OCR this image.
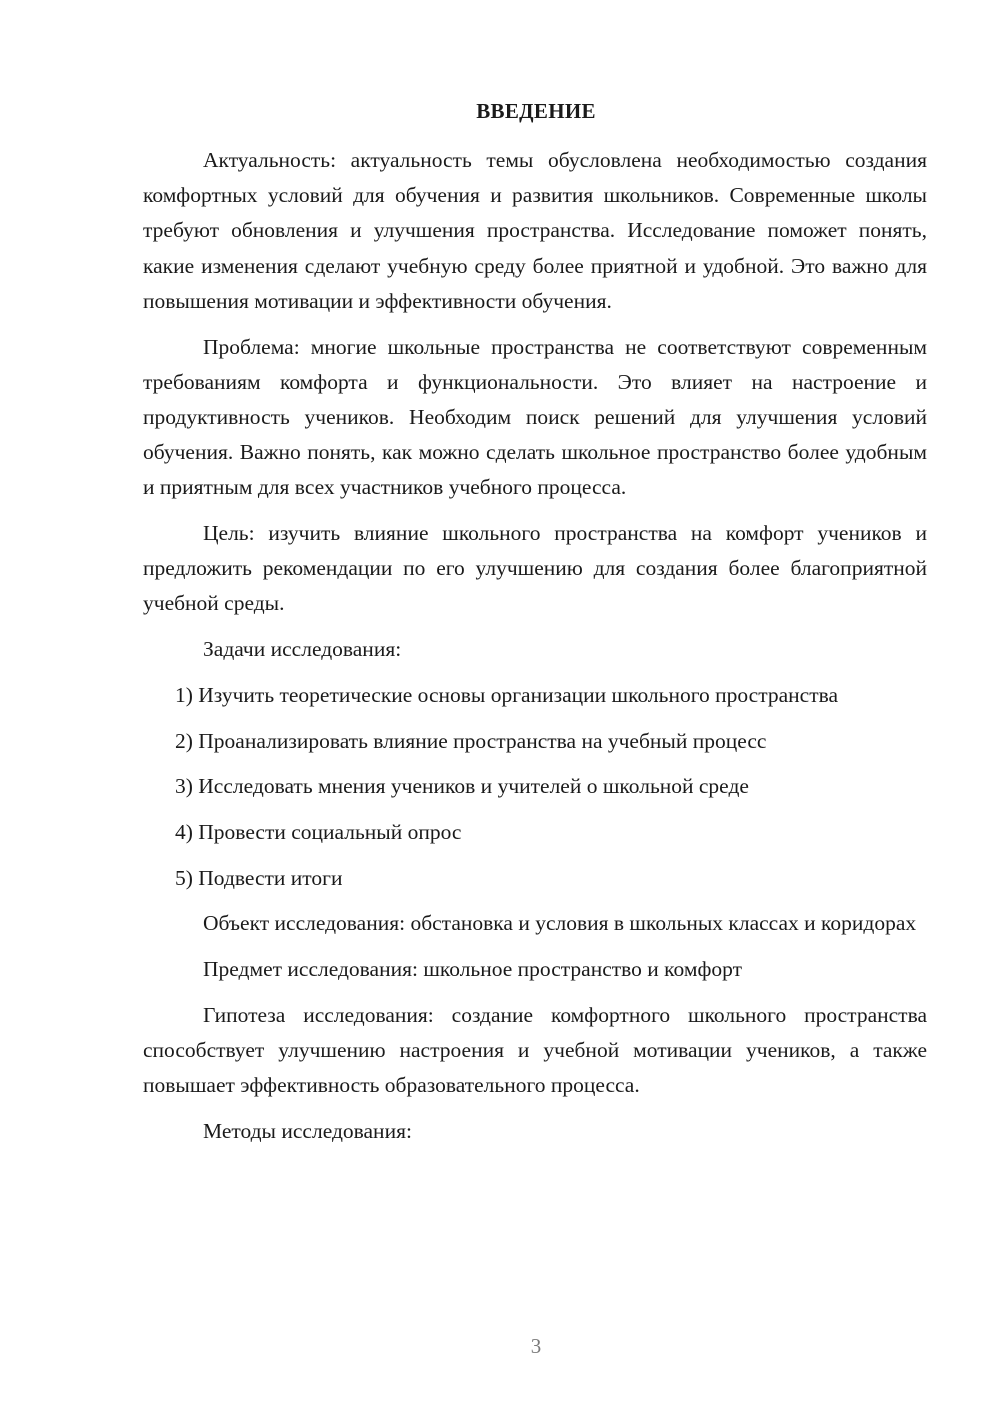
ВВЕДЕНИЕ

Актуальность: актуальность темы обусловлена необходимостью создания комфортных условий для обучения и развития школьников. Современные школы требуют обновления и улучшения пространства. Исследование поможет понять, какие изменения сделают учебную среду более приятной и удобной. Это важно для повышения мотивации и эффективности обучения.

Проблема: многие школьные пространства не соответствуют современным требованиям комфорта и функциональности. Это влияет на настроение и продуктивность учеников. Необходим поиск решений для улучшения условий обучения. Важно понять, как можно сделать школьное пространство более удобным и приятным для всех участников учебного процесса.

Цель: изучить влияние школьного пространства на комфорт учеников и предложить рекомендации по его улучшению для создания более благоприятной учебной среды.

Задачи исследования:

1) Изучить теоретические основы организации школьного пространства

2) Проанализировать влияние пространства на учебный процесс

3) Исследовать мнения учеников и учителей о школьной среде

4) Провести социальный опрос

5) Подвести итоги

Объект исследования: обстановка и условия в школьных классах и коридорах

Предмет исследования: школьное пространство и комфорт

Гипотеза исследования: создание комфортного школьного пространства способствует улучшению настроения и учебной мотивации учеников, а также повышает эффективность образовательного процесса.

Методы исследования:

3
